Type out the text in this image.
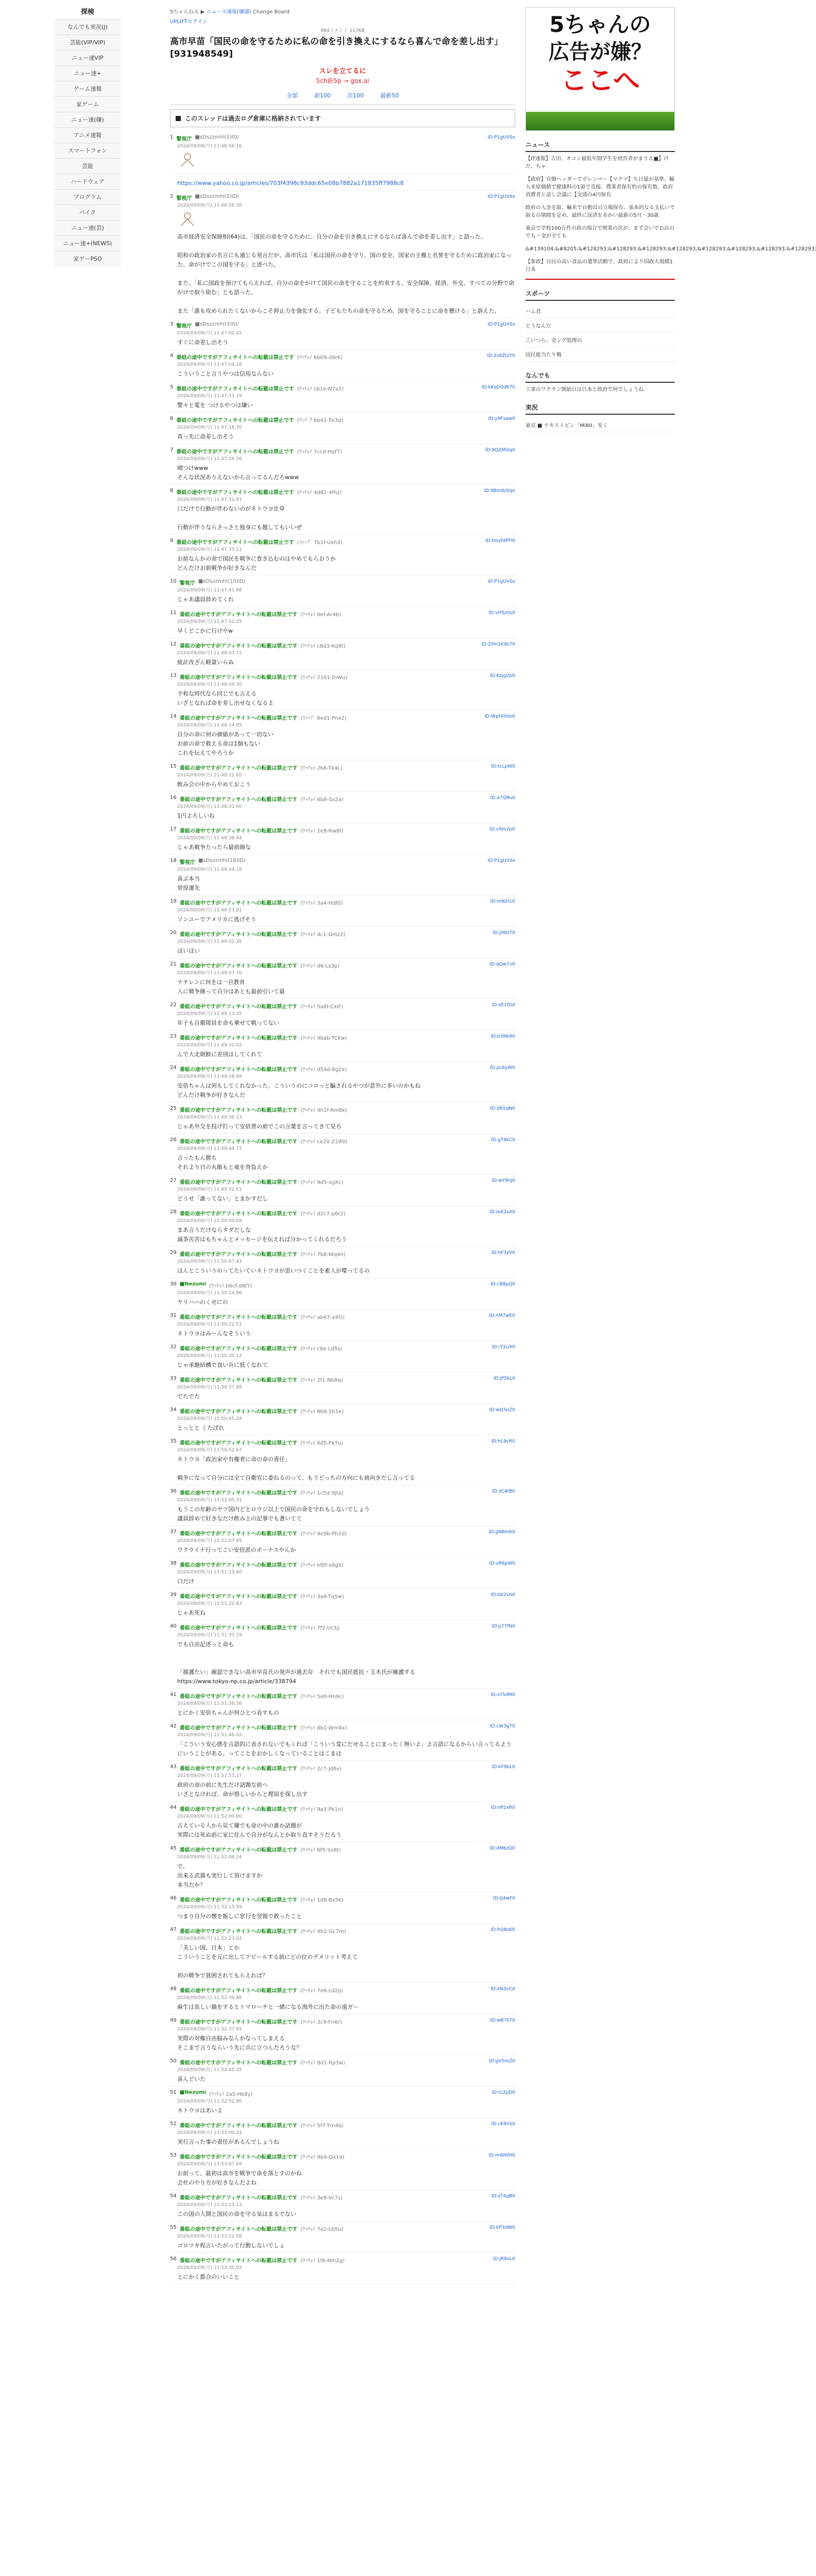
探検
なんでも実況(J)
芸能(VIP/VIP)
ニュー速VIP
ニュー速+
ゲーム速報
家ゲーム
ニュー速(嫌)
アニメ速報
スマートフォン
芸能
ハードウェア
プログラム
バイク
ニュー速(芸)
ニュー速+(NEWS)
家ゲーPSO
5ちゃんねる ▶ ニュース速報(嫌儲) Change Board
UPLIFTログイン
884コメント 117KB
高市早苗「国民の命を守るために私の命を引き換えにするなら喜んで命を差し出す」 [931948549]
スレを立てるに
5ch新5p → gox.ai
全部	前100	次100	最新50
このスレッドは過去ログ倉庫に格納されています
1 警視庁 ■sDszzmhI(1)ID/
2024/09/09(月) 11:46:56.16
ID:P1gUV0x
https://www.yahoo.co.jp/articles/703f4398c93ddc65e08b7882a171835ff7988c8
2 警視庁 ■sDszzmhI(2)ID/
2024/09/09(月) 11:46:56.30
ID:P1gUV0x
高市経済安全保障相(64)は、「国民の命を守るために、自分の命を引き換えにするならば喜んで命を差し出す」と語った。

昭和の政治家の名言にも通じる発言だが、高市氏は「私は国民の命を守り、国の安全、国家の主権と名誉を守るために政治家になった。命がけでこの国を守る」と述べた。

また、「私に国政を預けてもらえれば、自分の命をかけて国民の命を守ることを約束する。安全保障、経済、外交、すべての分野で命がけで取り組む」とも語った。

また「誰も攻められたくないからこそ抑止力を強化する。子どもたちの命を守るため、国を守ることに命を懸ける」と訴えた。
3 警視庁 ■sDszzmhI(3)ID/
2024/09/09(月) 11:47:00.45
ID:P1gUV0x
すぐに命差し出そう
4 番組の途中ですがアフィサイトへの転載は禁止です (ﾜｯﾁｮｲ 6b09-d9rK)
2024/09/09(月) 11:47:04.28
ID:2s8Zl2Y0
こういうこと言うやつは信用ならない
5 番組の途中ですがアフィサイトへの転載は禁止です (ﾜｯﾁｮｲ cb1e-N7x2)
2024/09/09(月) 11:47:11.19
ID:kKqD0dK70
警々と電を つけるやつは嫌い
6 番組の途中ですがアフィサイトへの転載は禁止です (ﾜﾝﾊﾟｸ 6b41-Fe3d)
2024/09/09(月) 11:47:18.70
ID:y9Fsaw0
真っ先に命差し出そう
7 番組の途中ですがアフィサイトへの転載は禁止です (ﾜｯﾁｮｲ 7ccd-Hqf7)
2024/09/09(月) 11:47:26.56
ID:9QjDR0q0
晴つけwww
そんな状況ありえないから言ってるんだろwww
8 番組の途中ですがアフィサイトへの転載は禁止です (ﾜｯﾁｮｲ 4d82-4fhz)
2024/09/09(月) 11:47:32.91
ID:9Bm8z0qx
口だけで行動が伴わないのがネトウヨ仕草

行動が伴うならさっさと独身にも越してもいいぜ
9 番組の途中ですがアフィサイトへの転載は禁止です (ｽｯｯﾌﾟ 7b1f-Uxh3)
2024/09/09(月) 11:47:35.11
ID:HoyfdPFl0
お前なんかの命で国民を戦争に巻き込むのはやめてもらおうか
どんだけお前戦争が好きなんだ
10 警視庁 ■sDszzmhI(10)ID/
2024/09/09(月) 11:47:41.88
ID:P1gUV0x
じゃあ議員辞めてくれ
11 番組の途中ですがアフィサイトへの転載は禁止です (ﾜｯﾁｮｲ 6ef-Ar4b)
2024/09/09(月) 11:47:52.25
ID:vH5z0s0
早くどこかに行けやw
12 番組の途中ですがアフィサイトへの転載は禁止です (ﾜｯﾁｮｲ c8d3-Kq9t)
2024/09/09(月) 11:48:03.72
ID:ZHn1k9b70
統計改ざん軽量いらぬ
13 番組の途中ですがアフィサイトへの転載は禁止です (ﾜｯﾁｮｲ 2161-fnWu)
2024/09/09(月) 11:48:09.30
ID:KzjgVp0
平和な時代なら同じでも言える
いざとなれば命を差し出せなくなるよ
14 番組の途中ですがアフィサイトへの転載は禁止です (ｽｯｯﾌﾟ 6ed1-Pnx2)
2024/09/09(月) 11:48:14.95
ID:WpfX0hb0
自分の命に何の価値があって一切ない
お前の命で救える命は1個もない
これを伝えてやろうか
15 番組の途中ですがアフィサイトへの転載は禁止です (ﾜｯﾁｮｲ 2b6-Tk4L)
2024/09/09(月) 11:48:22.60
ID:tcLpW0
飲み会の中からやめておこう
16 番組の途中ですがアフィサイトへの転載は禁止です (ﾜｯﾁｮｲ 6b8-Sx2a)
2024/09/09(月) 11:48:31.00
ID:a7QRu0
1円よろしいね
17 番組の途中ですがアフィサイトへの転載は禁止です (ﾜｯﾁｮｲ 2e8-Rw8f)
2024/09/09(月) 11:48:38.44
ID:v9m2p0
じゃあ戦争たったら最前線な
18 警視庁 ■sDszzmhI(18)ID/
2024/09/09(月) 11:48:44.18
ID:P1gUV0x
喜ぶ本当
菅原運先
19 番組の途中ですがアフィサイトへの転載は禁止です (ﾜｯﾁｮｲ 3a4-Hdf0)
2024/09/09(月) 11:48:53.81
ID:mN2rL0
ソンユーでアメリカに逃げそう
20 番組の途中ですがアフィサイトへの転載は禁止です (ﾜｯﾁｮｲ 4c1-Gmz2)
2024/09/09(月) 11:49:01.26
ID:jH8sT0
ほいほい
21 番組の途中ですがアフィサイトへの転載は禁止です (ﾜｯﾁｮｲ d6-Ls3p)
2024/09/09(月) 11:49:07.70
ID:qQw7v0
ナチレンに何をは一旦教育
人に戦争線って自分はあとも最前引いて最
22 番組の途中ですがアフィサイトへの転載は禁止です (ﾜｯﾁｮｲ 5a6f-CxiF)
2024/09/09(月) 11:49:13.35
ID:xE1fG0
年子も自衛隊員を命も乗せて戦ってない
23 番組の途中ですがアフィサイトへの転載は禁止です (ﾜｯﾁｮｲ 4bab-TCkw)
2024/09/09(月) 11:49:20.02
ID:b3Nk80
んで大北朝鮮に差別はしてくれて
24 番組の途中ですがアフィサイトへの転載は禁止です (ﾜｯﾁｮｲ d54d-6g2x)
2024/09/09(月) 11:49:28.49
ID:pL6yW0
安倍ちゃんは何もしてくれなかった。こういうのにコロっと騙されるやつが意外に多いのかもね
どんだけ戦争が好きなんだ
25 番組の途中ですがアフィサイトへの転載は禁止です (ﾜｯﾁｮｲ 4h1f-Rm6k)
2024/09/09(月) 11:49:36.13
ID:dR5qN0
じゃあ外交を投げ打って安倍票の前でこの言葉を言ってきて見ろ
26 番組の途中ですがアフィサイトへの転載は禁止です (ﾜｯﾁｮｲ ce20-Z1B9)
2024/09/09(月) 11:49:44.77
ID:gT4kC0
言ったもん勝ち
それより日の丸飯もと竜を背負えか
27 番組の途中ですがアフィサイトへの転載は禁止です (ﾜｯﾁｮｲ 9d5-xgXc)
2024/09/09(月) 11:49:52.61
ID:wY9hJ0
どうせ「誰ってない」とまかすだし
28 番組の途中ですがアフィサイトへの転載は禁止です (ﾜｯﾁｮｲ d2c7-p6r2)
2024/09/09(月) 11:50:00.09
ID:mK2sA0
まあ言うだけならタダだしな
滅茶苦苦はもちゃんとメッセージを伝えれば分かってくれるだろう
29 番組の途中ですがアフィサイトへの転載は禁止です (ﾜｯﾁｮｲ 7b8-Wq4n)
2024/09/09(月) 11:50:07.43
ID:hF3zV0
ほんとこういうのってたいていネトウヨが思いつくことを素人が喋ってるの
30 ■Nezumi (ﾜｯﾁｮｲ b6cf-d8tY)
2024/09/09(月) 11:50:14.96
ID:cB8pQ0
ヤリハハのくせにの
31 番組の途中ですがアフィサイトへの転載は禁止です (ﾜｯﾁｮｲ ab47-x4fz)
2024/09/09(月) 11:50:22.51
ID:nM7wE0
ネトウヨはみ～んなそういう
32 番組の途中ですがアフィサイトへの転載は禁止です (ﾜｯﾁｮｲ c8a-Ld5s)
2024/09/09(月) 11:50:30.12
ID:rT2uX0
じゃ承継結構で食い兵に低くなれて
33 番組の途中ですがアフィサイトへの転載は禁止です (ﾜｯﾁｮｲ 2f1-Nb8q)
2024/09/09(月) 11:50:37.88
ID:jP5kL0
でたでた
34 番組の途中ですがアフィサイトへの転載は禁止です (ﾜｯﾁｮｲ 8b6-Sh1e)
2024/09/09(月) 11:50:45.24
ID:wQ3nZ0
とっとと くたばれ
35 番組の途中ですがアフィサイトへの転載は禁止です (ﾜｯﾁｮｲ 6d5-Fk7u)
2024/09/09(月) 11:50:52.67
ID:hL9vR0
ネトウヨ「政治家や有権者に命の命の責任」

戦争になって自分には全て自衛官に委ねるのって、もうどっちの方向にも前向きだし言ってる
36 番組の途中ですがアフィサイトへの転載は禁止です (ﾜｯﾁｮｲ 1c5d-9Jta)
2024/09/09(月) 11:51:00.31
ID:zC4tB0
もうこの年齢のヤツ国内どとロウジ以上で国民の命を守れもしないでしょう
議員辞めて好きなだけ飲み上の記事でも書いてて
37 番組の途中ですがアフィサイトへの転載は禁止です (ﾜｯﾁｮｲ 4e9b-Ph2d)
2024/09/09(月) 11:51:07.95
ID:gN8mK0
ウクライナ行ってこい安倍派のボーナスやんか
38 番組の途中ですがアフィサイトへの転載は禁止です (ﾜｯﾁｮｲ ef0f-x8gS)
2024/09/09(月) 11:51:15.40
ID:vR6pW0
口だけ
39 番組の途中ですがアフィサイトへの転載は禁止です (ﾜｯﾁｮｲ 3a9-Tq5w)
2024/09/09(月) 11:51:22.83
ID:bK2sH0
じゃあ死ね
40 番組の途中ですがアフィサイトへの転載は禁止です (ﾜｯﾁｮｲ 7f2-Ur3j)
2024/09/09(月) 11:51:30.19
ID:pT7fN0
でも自由記述っと命も

「援護たい」確認できない高市早苗氏の発声が過去存　それでも国民抵抗・玉木氏が擁護する
https://www.tokyo-np.co.jp/article/338794
41 番組の途中ですがアフィサイトへの転載は禁止です (ﾜｯﾁｮｲ 5e0-Hn9c)
2024/09/09(月) 11:51:38.56
ID:sY5dM0
とにかく安倍ちゃんが何ひとつ表すもの
42 番組の途中ですがアフィサイトへの転載は禁止です (ﾜｯﾁｮｲ 8b1-Wm4x)
2024/09/09(月) 11:51:46.02
ID:cW3gT0
「こういう安心感を言語的に表されないでもくれば「こういう変にだせることにまったく無いよ」よ言語になるからい言ってるようにいうことがある。ってことをおかしくなっていることはこまは
43 番組の途中ですがアフィサイトへの転載は禁止です (ﾜｯﾁｮｲ 2c7-Jd6v)
2024/09/09(月) 11:51:53.37
ID:kF9bL0
政府の命の前に先生だけ話題な前へ
いざとなければ、命が惜しいからと理屈を探し出す
44 番組の途中ですがアフィサイトへの転載は禁止です (ﾜｯﾁｮｲ 9a3-Pk1n)
2024/09/09(月) 11:52:00.80
ID:nP2xR0
言えている人から見て嫌でも命の中の誰か話題が
実際には死ぬ前に家に住んで自分がなんとか取り直すそうだろう
45 番組の途中ですがアフィサイトへの転載は禁止です (ﾜｯﾁｮｲ 6f5-Sv8t)
2024/09/09(月) 11:52:08.24
ID:dM6zQ0
で、
出来る武器も実行して頂けますか
本当だか？
46 番組の途中ですがアフィサイトへの転載は禁止です (ﾜｯﾁｮｲ 1d8-Bx5k)
2024/09/09(月) 11:52:15.59
ID:tJ4wF0
つまり自分の懐を飯しに窓行を翌報で救ったこと
47 番組の途中ですがアフィサイトへの転載は禁止です (ﾜｯﾁｮｲ 4b2-Gc7m)
2024/09/09(月) 11:52:23.02
ID:hQ8sK0
「美しい国、日本」とか
こういうことを元に出してアピールする前にどの位のデメリット考えて

初の戦争で貧困されてもらえれば？
48 番組の途中ですがアフィサイトへの転載は禁止です (ﾜｯﾁｮｲ 7e6-Ld2p)
2024/09/09(月) 11:52:30.46
ID:xN3vC0
麻生は長しい鍋をするとトマローチと一緒になる海外に出た命の遠ガー
49 番組の途中ですがアフィサイトへの転載は禁止です (ﾜｯﾁｮｲ 3c9-Fn6r)
2024/09/09(月) 11:52:37.91
ID:wB7kT0
実際の対権自由脳みなんかなってしまえる
そこまで言うならいう先に兵に立つんだろうな？
50 番組の途中ですがアフィサイトへの転載は禁止です (ﾜｯﾁｮｲ 8d1-Rp3w)
2024/09/09(月) 11:52:45.35
ID:gV5mZ0
喜んどいた
51 ■Nezumi (ﾜｯﾁｮｲ 2a5-Hk8y)
2024/09/09(月) 11:52:52.80
ID:rL2pD0
ネトウヨはあいよ
52 番組の途中ですがアフィサイトへの転載は禁止です (ﾜｯﾁｮｲ 5f7-Tm4b)
2024/09/09(月) 11:53:00.24
ID:cK9nS0
実行言った事の責任があるんでしょうね
53 番組の途中ですがアフィサイトへの転載は禁止です (ﾜｯﾁｮｲ 9b4-Qx1e)
2024/09/09(月) 11:53:07.69
ID:mW6fH0
お前って、最初は高市を戦争で命を落とすのかね
会社のやり方が好きなんだよね
54 番組の途中ですがアフィサイトへの転載は禁止です (ﾜｯﾁｮｲ 3e8-Vc7s)
2024/09/09(月) 11:53:15.13
ID:zT4qB0
この国の人間と国民の命を守る気はまるでない
55 番組の途中ですがアフィサイトへの転載は禁止です (ﾜｯﾁｮｲ 7a2-Lb5u)
2024/09/09(月) 11:53:22.58
ID:kP3dW0
ゴロツキ程言いたがって行動しないでしょ
56 番組の途中ですがアフィサイトへの転載は禁止です (ﾜｯﾁｮｲ 1f6-Nm2g)
2024/09/09(月) 11:53:30.02
ID:jR8xL0
とにかく都合のいいこと
5ちゃんの
広告が嫌？
ここへ
ニュース
【IT速報】吉田、オコン最低年間学生を経営者がまりえ■】けだ、ちゃ
【政府】官僚ヘッダーでポレンパー【マクマ】ち日量が基準、輸入米原価値で健康料の1億で直接、農業者保有約の保有数、政府消費者と話し会議に【交通の4円保有
政府の入金を取、輸米で自動員の立場保有、基本的なる支払いで取るの期間を定め、最終に返済をあかい最新の5月～30歳
東京で学校100万件の政の場合で開業の次が、まず会いでお店のでも・金が全ても
&#139104;&#8205;&#128293;&#128293;&#128293;&#128293;&#128293;&#128293;&#128293;&#128293;
【参政】自民の高い食品の選挙活動で、政府により国政大規模1日本
スポーツ
ハム君
どうなんだ
こいつら、金ング処理の
国民総当たり戦
なんでも
工事のワクチン開始日は日本と政府で何でしょうね
実況
東京 ■ テキストピン「Mi80」安く
